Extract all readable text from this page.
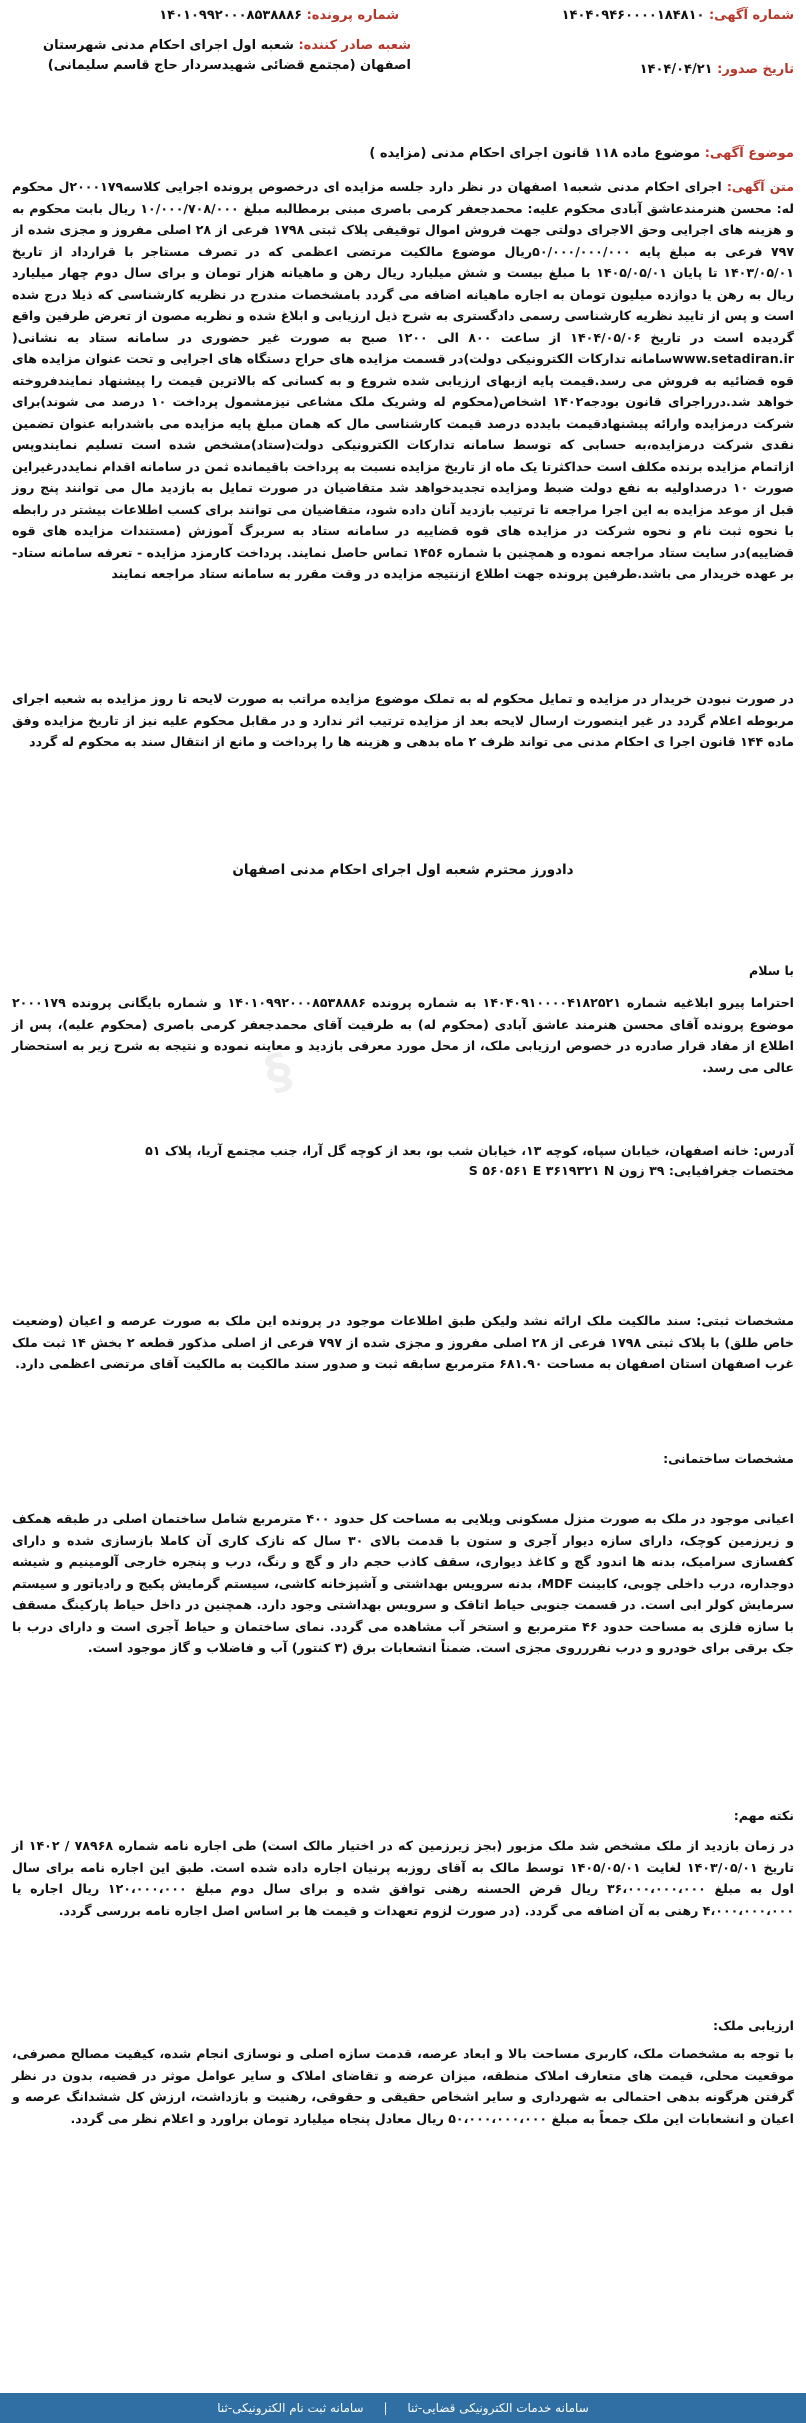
شماره آگهی: ۱۴۰۴۰۹۴۶۰۰۰۰۱۸۴۸۱۰
شماره پرونده: ۱۴۰۱۰۹۹۲۰۰۰۸۵۳۸۸۸۶
شعبه صادر کننده: شعبه اول اجرای احکام مدنی شهرستان اصفهان (مجتمع قضائی شهیدسردار حاج قاسم سلیمانی)	تاریخ صدور: ۱۴۰۴/۰۴/۲۱
موضوع آگهی: موضوع ماده ۱۱۸ قانون اجرای احکام مدنی (مزایده )
متن آگهی: اجرای احکام مدنی شعبه۱ اصفهان در نظر دارد جلسه مزایده ای درخصوص پرونده اجرایی کلاسه۲۰۰۰۱۷۹ل محکوم له: محسن هنرمندعاشق آبادی محکوم علیه: محمدجعفر کرمی باصری مبنی برمطالبه مبلغ ۱۰/۰۰۰/۷۰۸/۰۰۰ ریال بابت محکوم به و هزینه های اجرایی وحق الاجرای دولتی جهت فروش اموال توقیفی پلاک ثبتی ۱۷۹۸ فرعی از ۲۸ اصلی مفروز و مجزی شده از ۷۹۷ فرعی به مبلغ پایه ۵۰/۰۰۰/۰۰۰/۰۰۰ریال موضوع مالکیت مرتضی اعظمی که در تصرف مستاجر با قرارداد از تاریخ ۱۴۰۳/۰۵/۰۱ تا پایان ۱۴۰۵/۰۵/۰۱ با مبلغ بیست و شش میلیارد ریال رهن و ماهیانه هزار تومان و برای سال دوم چهار میلیارد ریال به رهن یا دوازده میلیون تومان به اجاره ماهیانه اضافه می گردد بامشخصات مندرج در نظریه کارشناسی که ذیلا درج شده است و پس از تایید نظریه کارشناسی رسمی دادگستری به شرح ذیل ارزیابی و ابلاغ شده و نظریه مصون از تعرض طرفین واقع گردیده است در تاریخ ۱۴۰۴/۰۵/۰۶ از ساعت ۸۰۰ الی ۱۲۰۰ صبح به صورت غیر حضوری در سامانه ستاد به نشانی( www.setadiran.irسامانه تدارکات الکترونیکی دولت)در قسمت مزایده های حراج دستگاه های اجرایی و تحت عنوان مزایده های قوه قضائیه به فروش می رسد.قیمت پایه ازبهای ارزیابی شده شروع و به کسانی که بالاترین قیمت را پیشنهاد نمایندفروخته خواهد شد.درراجرای قانون بودجه۱۴۰۲ اشخاص(محکوم له وشریک ملک مشاعی نیزمشمول پرداخت ۱۰ درصد می شوند)برای شرکت درمزایده وارائه پیشنهادقیمت بایدده درصد قیمت کارشناسی مال که همان مبلغ پایه مزایده می باشدرابه عنوان تضمین نقدی شرکت درمزایده،به حسابی که توسط سامانه تدارکات الکترونیکی دولت(ستاد)مشخص شده است تسلیم نمایندوپس ازاتمام مزایده برنده مکلف است حداکثرتا یک ماه از تاریخ مزایده نسبت به پرداخت باقیمانده ثمن در سامانه اقدام نمایددرغیراین صورت ۱۰ درصداولیه به نفع دولت ضبط ومزایده تجدیدخواهد شد متقاضیان در صورت تمایل به بازدید مال می توانند پنج روز قبل از موعد مزایده به این اجرا مراجعه تا ترتیب بازدید آنان داده شود، متقاضیان می توانند برای کسب اطلاعات بیشتر در رابطه با نحوه ثبت نام و نحوه شرکت در مزایده های قوه قضاییه در سامانه ستاد به سربرگ آموزش (مستندات مزایده های قوه قضاییه)در سایت ستاد مراجعه نموده و همچنین با شماره ۱۴۵۶ تماس حاصل نمایند. پرداخت کارمزد مزایده - تعرفه سامانه ستاد- بر عهده خریدار می باشد.طرفین پرونده جهت اطلاع ازنتیجه مزایده در وقت مقرر به سامانه ستاد مراجعه نمایند
در صورت نبودن خریدار در مزایده و تمایل محکوم له به تملک موضوع مزایده مراتب به صورت لایحه تا روز مزایده به شعبه اجرای مربوطه اعلام گردد در غیر اینصورت ارسال لایحه بعد از مزایده ترتیب اثر ندارد و در مقابل محکوم علیه نیز از تاریخ مزایده وفق ماده ۱۴۴ قانون اجرا ی احکام مدنی می تواند ظرف ۲ ماه بدهی و هزینه ها را پرداخت و مانع از انتقال سند به محکوم له گردد
دادورز محترم شعبه اول اجرای احکام مدنی اصفهان
با سلام
احتراما پیرو ابلاغیه شماره ۱۴۰۴۰۹۱۰۰۰۰۴۱۸۲۵۲۱ به شماره پرونده ۱۴۰۱۰۹۹۲۰۰۰۸۵۳۸۸۸۶ و شماره بایگانی پرونده ۲۰۰۰۱۷۹ موضوع پرونده آقای محسن هنرمند عاشق آبادی (محکوم له) به طرفیت آقای محمدجعفر کرمی باصری (محکوم علیه)، پس از اطلاع از مفاد قرار صادره در خصوص ارزیابی ملک، از محل مورد معرفی بازدید و معاینه نموده و نتیجه به شرح زیر به استحضار عالی می رسد.
آدرس: خانه اصفهان، خیابان سپاه، کوچه ۱۳، خیابان شب بو، بعد از کوچه گل آرا، جنب مجتمع آریا، پلاک ۵۱
مختصات جغرافیایی: ۳۹ زون S ۵۶۰۵۶۱ E ۳۶۱۹۳۲۱ N
§
مشخصات ثبتی: سند مالکیت ملک ارائه نشد ولیکن طبق اطلاعات موجود در پرونده این ملک به صورت عرصه و اعیان (وضعیت خاص طلق) با پلاک ثبتی ۱۷۹۸ فرعی از ۲۸ اصلی مفروز و مجزی شده از ۷۹۷ فرعی از اصلی مذکور قطعه ۲ بخش ۱۴ ثبت ملک غرب اصفهان استان اصفهان به مساحت ۶۸۱.۹۰ مترمربع سابقه ثبت و صدور سند مالکیت به مالکیت آقای مرتضی اعظمی دارد.
مشخصات ساختمانی:
اعیانی موجود در ملک به صورت منزل مسکونی ویلایی به مساحت کل حدود ۴۰۰ مترمربع شامل ساختمان اصلی در طبقه همکف و زیرزمین کوچک، دارای سازه دیوار آجری و ستون با قدمت بالای ۳۰ سال که نازک کاری آن کاملا بازسازی شده و دارای کفسازی سرامیک، بدنه ها اندود گچ و کاغذ دیواری، سقف کاذب حجم دار و گچ و رنگ، درب و پنجره خارجی آلومینیم و شیشه دوجداره، درب داخلی چوبی، کابینت MDF، بدنه سرویس بهداشتی و آشپزخانه کاشی، سیستم گرمایش پکیج و رادیاتور و سیستم سرمایش کولر ابی است. در قسمت جنوبی حیاط اتاقک و سرویس بهداشتی وجود دارد. همچنین در داخل حیاط پارکینگ مسقف با سازه فلزی به مساحت حدود ۴۶ مترمربع و استخر آب مشاهده می گردد. نمای ساختمان و حیاط آجری است و دارای درب با جک برقی برای خودرو و درب نفررروی مجزی است. ضمناً انشعابات برق (۳ کنتور) آب و فاضلاب و گاز موجود است.
نکته مهم:
در زمان بازدید از ملک مشخص شد ملک مزبور (بجز زیرزمین که در اختیار مالک است) طی اجاره نامه شماره ۷۸۹۶۸ / ۱۴۰۲ از تاریخ ۱۴۰۳/۰۵/۰۱ لغایت ۱۴۰۵/۰۵/۰۱ توسط مالک به آقای روزبه پرنیان اجاره داده شده است. طبق این اجاره نامه برای سال اول به مبلغ ۳۶،۰۰۰،۰۰۰،۰۰۰ ریال قرض الحسنه رهنی توافق شده و برای سال دوم مبلغ ۱۲۰،۰۰۰،۰۰۰ ریال اجاره یا ۴،۰۰۰،۰۰۰،۰۰۰ رهنی به آن اضافه می گردد. (در صورت لزوم تعهدات و قیمت ها بر اساس اصل اجاره نامه بررسی گردد.
ارزیابی ملک:
با توجه به مشخصات ملک، کاربری مساحت بالا و ابعاد عرصه، قدمت سازه اصلی و نوسازی انجام شده، کیفیت مصالح مصرفی، موقعیت محلی، قیمت های متعارف املاک منطقه، میزان عرضه و تقاضای املاک و سایر عوامل موثر در قضیه، بدون در نظر گرفتن هرگونه بدهی احتمالی به شهرداری و سایر اشخاص حقیقی و حقوقی، رهنیت و بازداشت، ارزش کل ششدانگ عرصه و اعیان و انشعابات این ملک جمعاً به مبلغ ۵۰،۰۰۰،۰۰۰،۰۰۰ ریال معادل پنجاه میلیارد تومان براورد و اعلام نظر می گردد.
سامانه خدمات الکترونیکی قضایی-ثنا | سامانه ثبت نام الکترونیکی-ثنا
